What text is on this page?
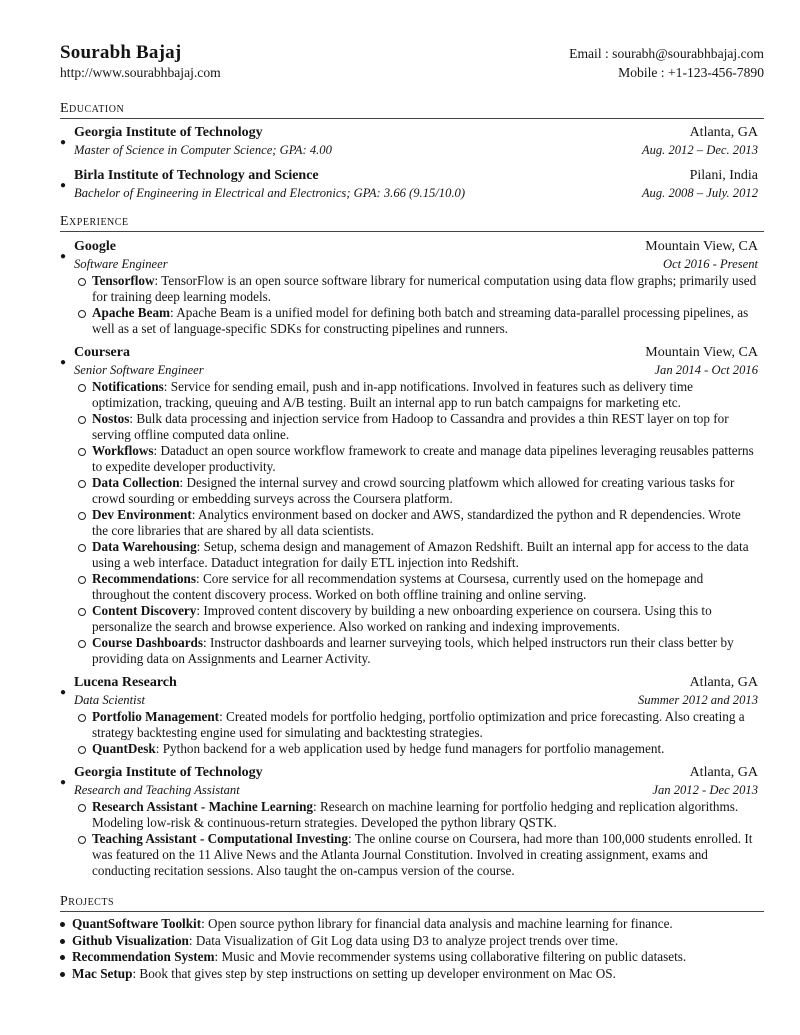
Sourabh Bajaj	Email : sourabh@sourabhbajaj.com
http://www.sourabhbajaj.com	Mobile : +1-123-456-7890
Education
●
Georgia Institute of Technology	Atlanta, GA
Master of Science in Computer Science; GPA: 4.00	Aug. 2012 – Dec. 2013
●
Birla Institute of Technology and Science	Pilani, India
Bachelor of Engineering in Electrical and Electronics; GPA: 3.66 (9.15/10.0)	Aug. 2008 – July. 2012
Experience
●
Google	Mountain View, CA
Software Engineer	Oct 2016 - Present
Tensorflow: TensorFlow is an open source software library for numerical computation using data flow graphs; primarily used for training deep learning models.
Apache Beam: Apache Beam is a unified model for defining both batch and streaming data-parallel processing pipelines, as well as a set of language-specific SDKs for constructing pipelines and runners.
●
Coursera	Mountain View, CA
Senior Software Engineer	Jan 2014 - Oct 2016
Notifications: Service for sending email, push and in-app notifications. Involved in features such as delivery time optimization, tracking, queuing and A/B testing. Built an internal app to run batch campaigns for marketing etc.
Nostos: Bulk data processing and injection service from Hadoop to Cassandra and provides a thin REST layer on top for serving offline computed data online.
Workflows: Dataduct an open source workflow framework to create and manage data pipelines leveraging reusables patterns to expedite developer productivity.
Data Collection: Designed the internal survey and crowd sourcing platfowm which allowed for creating various tasks for crowd sourding or embedding surveys across the Coursera platform.
Dev Environment: Analytics environment based on docker and AWS, standardized the python and R dependencies. Wrote the core libraries that are shared by all data scientists.
Data Warehousing: Setup, schema design and management of Amazon Redshift. Built an internal app for access to the data using a web interface. Dataduct integration for daily ETL injection into Redshift.
Recommendations: Core service for all recommendation systems at Coursesa, currently used on the homepage and throughout the content discovery process. Worked on both offline training and online serving.
Content Discovery: Improved content discovery by building a new onboarding experience on coursera. Using this to personalize the search and browse experience. Also worked on ranking and indexing improvements.
Course Dashboards: Instructor dashboards and learner surveying tools, which helped instructors run their class better by providing data on Assignments and Learner Activity.
●
Lucena Research	Atlanta, GA
Data Scientist	Summer 2012 and 2013
Portfolio Management: Created models for portfolio hedging, portfolio optimization and price forecasting. Also creating a strategy backtesting engine used for simulating and backtesting strategies.
QuantDesk: Python backend for a web application used by hedge fund managers for portfolio management.
●
Georgia Institute of Technology	Atlanta, GA
Research and Teaching Assistant	Jan 2012 - Dec 2013
Research Assistant - Machine Learning: Research on machine learning for portfolio hedging and replication algorithms. Modeling low-risk & continuous-return strategies. Developed the python library QSTK.
Teaching Assistant - Computational Investing: The online course on Coursera, had more than 100,000 students enrolled. It was featured on the 11 Alive News and the Atlanta Journal Constitution. Involved in creating assignment, exams and conducting recitation sessions. Also taught the on-campus version of the course.
Projects
QuantSoftware Toolkit: Open source python library for financial data analysis and machine learning for finance.
Github Visualization: Data Visualization of Git Log data using D3 to analyze project trends over time.
Recommendation System: Music and Movie recommender systems using collaborative filtering on public datasets.
Mac Setup: Book that gives step by step instructions on setting up developer environment on Mac OS.
